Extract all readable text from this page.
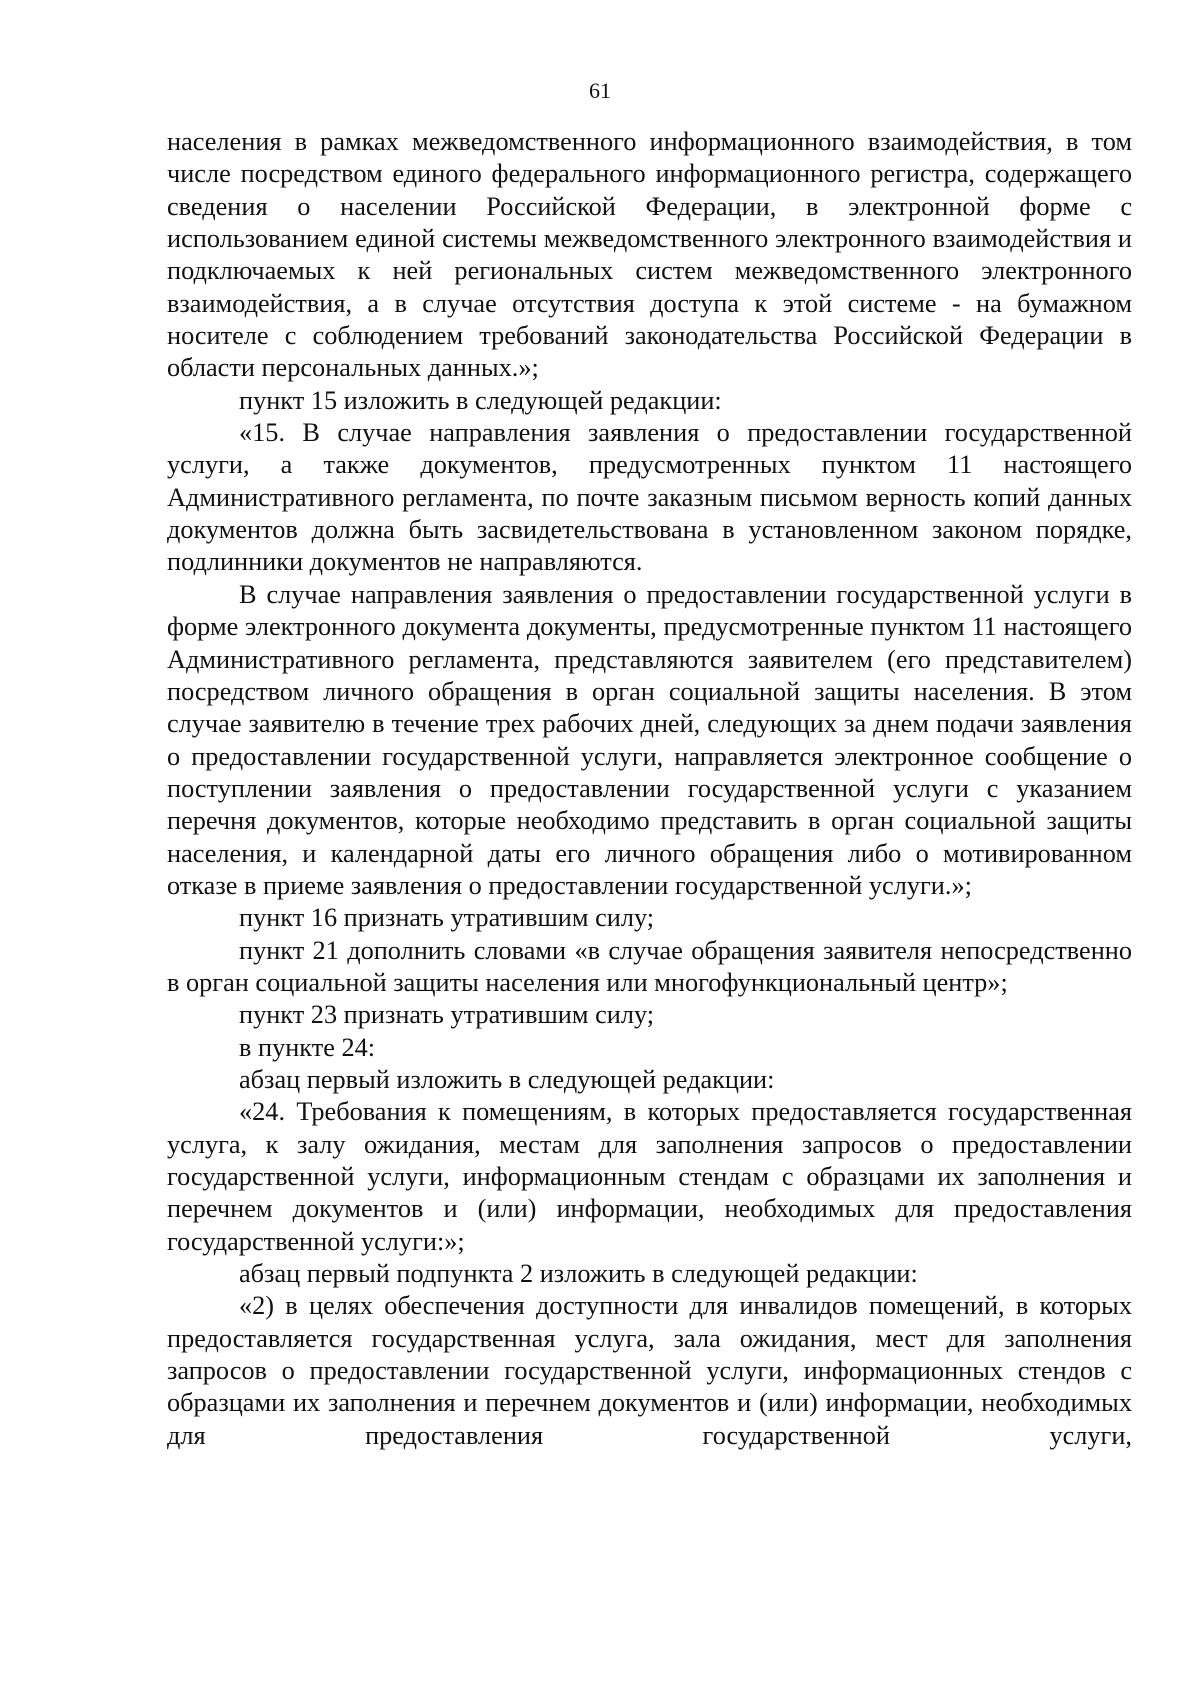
61

населения в рамках межведомственного информационного взаимодействия, в том числе посредством единого федерального информационного регистра, содержащего сведения о населении Российской Федерации, в электронной форме с использованием единой системы межведомственного электронного взаимодействия и подключаемых к ней региональных систем межведомственного электронного взаимодействия, а в случае отсутствия доступа к этой системе - на бумажном носителе с соблюдением требований законодательства Российской Федерации в области персональных данных.»;

пункт 15 изложить в следующей редакции:

«15. В случае направления заявления о предоставлении государственной услуги, а также документов, предусмотренных пунктом 11 настоящего Административного регламента, по почте заказным письмом верность копий данных документов должна быть засвидетельствована в установленном законом порядке, подлинники документов не направляются.

В случае направления заявления о предоставлении государственной услуги в форме электронного документа документы, предусмотренные пунктом 11 настоящего Административного регламента, представляются заявителем (его представителем) посредством личного обращения в орган социальной защиты населения. В этом случае заявителю в течение трех рабочих дней, следующих за днем подачи заявления о предоставлении государственной услуги, направляется электронное сообщение о поступлении заявления о предоставлении государственной услуги с указанием перечня документов, которые необходимо представить в орган социальной защиты населения, и календарной даты его личного обращения либо о мотивированном отказе в приеме заявления о предоставлении государственной услуги.»;

пункт 16 признать утратившим силу;

пункт 21 дополнить словами «в случае обращения заявителя непосредственно в орган социальной защиты населения или многофункциональный центр»;

пункт 23 признать утратившим силу;

в пункте 24:

абзац первый изложить в следующей редакции:

«24. Требования к помещениям, в которых предоставляется государственная услуга, к залу ожидания, местам для заполнения запросов о предоставлении государственной услуги, информационным стендам с образцами их заполнения и перечнем документов и (или) информации, необходимых для предоставления государственной услуги:»;

абзац первый подпункта 2 изложить в следующей редакции:

«2) в целях обеспечения доступности для инвалидов помещений, в которых предоставляется государственная услуга, зала ожидания, мест для заполнения запросов о предоставлении государственной услуги, информационных стендов с образцами их заполнения и перечнем документов и (или) информации, необходимых для предоставления государственной услуги,
